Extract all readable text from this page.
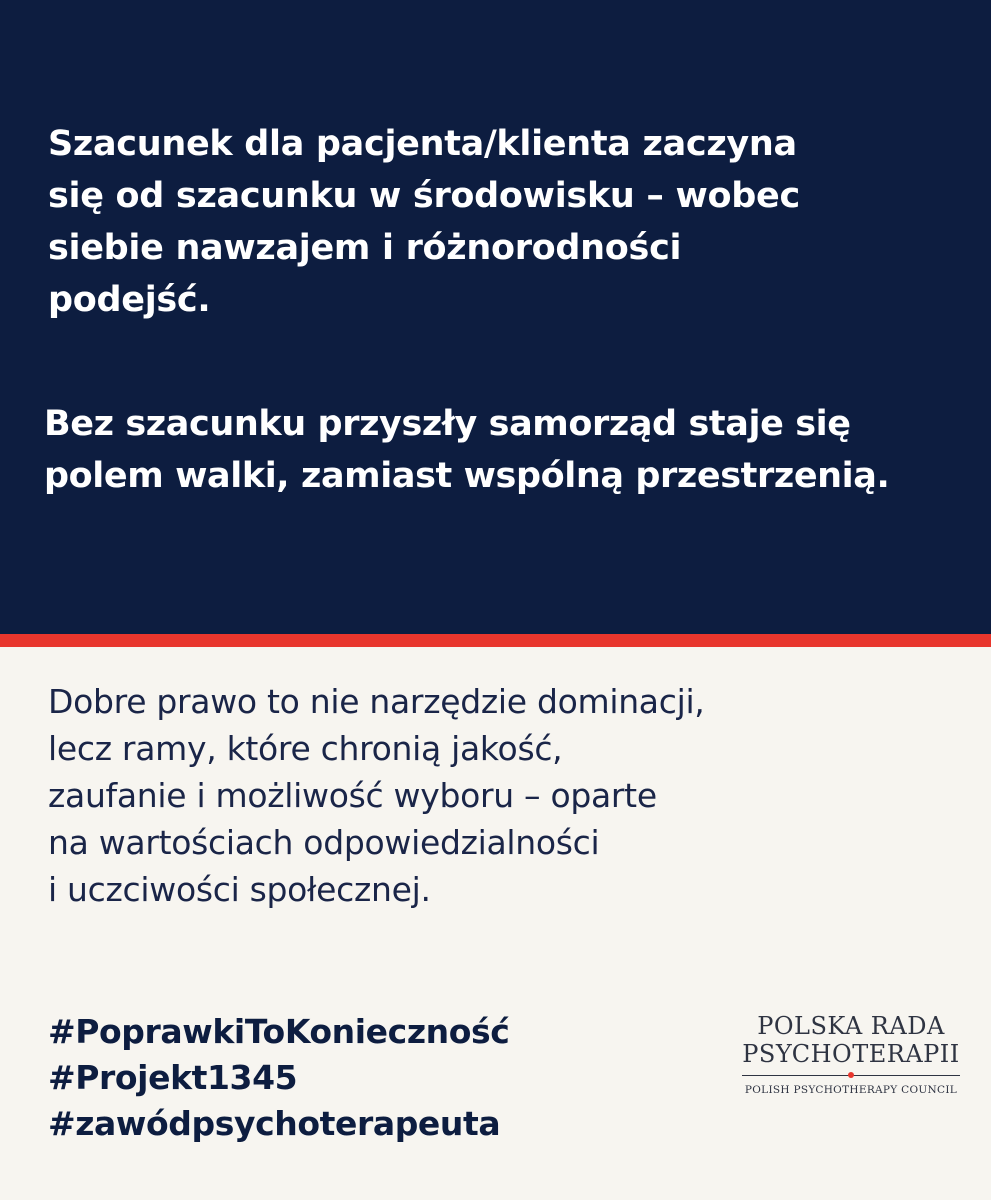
Szacunek dla pacjenta/klienta zaczyna
się od szacunku w środowisku – wobec
siebie nawzajem i różnorodności
podejść.

Bez szacunku przyszły samorząd staje się
polem walki, zamiast wspólną przestrzenią.

Dobre prawo to nie narzędzie dominacji,
lecz ramy, które chronią jakość,
zaufanie i możliwość wyboru – oparte
na wartościach odpowiedzialności
i uczciwości społecznej.

#PoprawkiToKonieczność
#Projekt1345
#zawódpsychoterapeuta
POLSKA RADA
PSYCHOTERAPII
POLISH PSYCHOTHERAPY COUNCIL
